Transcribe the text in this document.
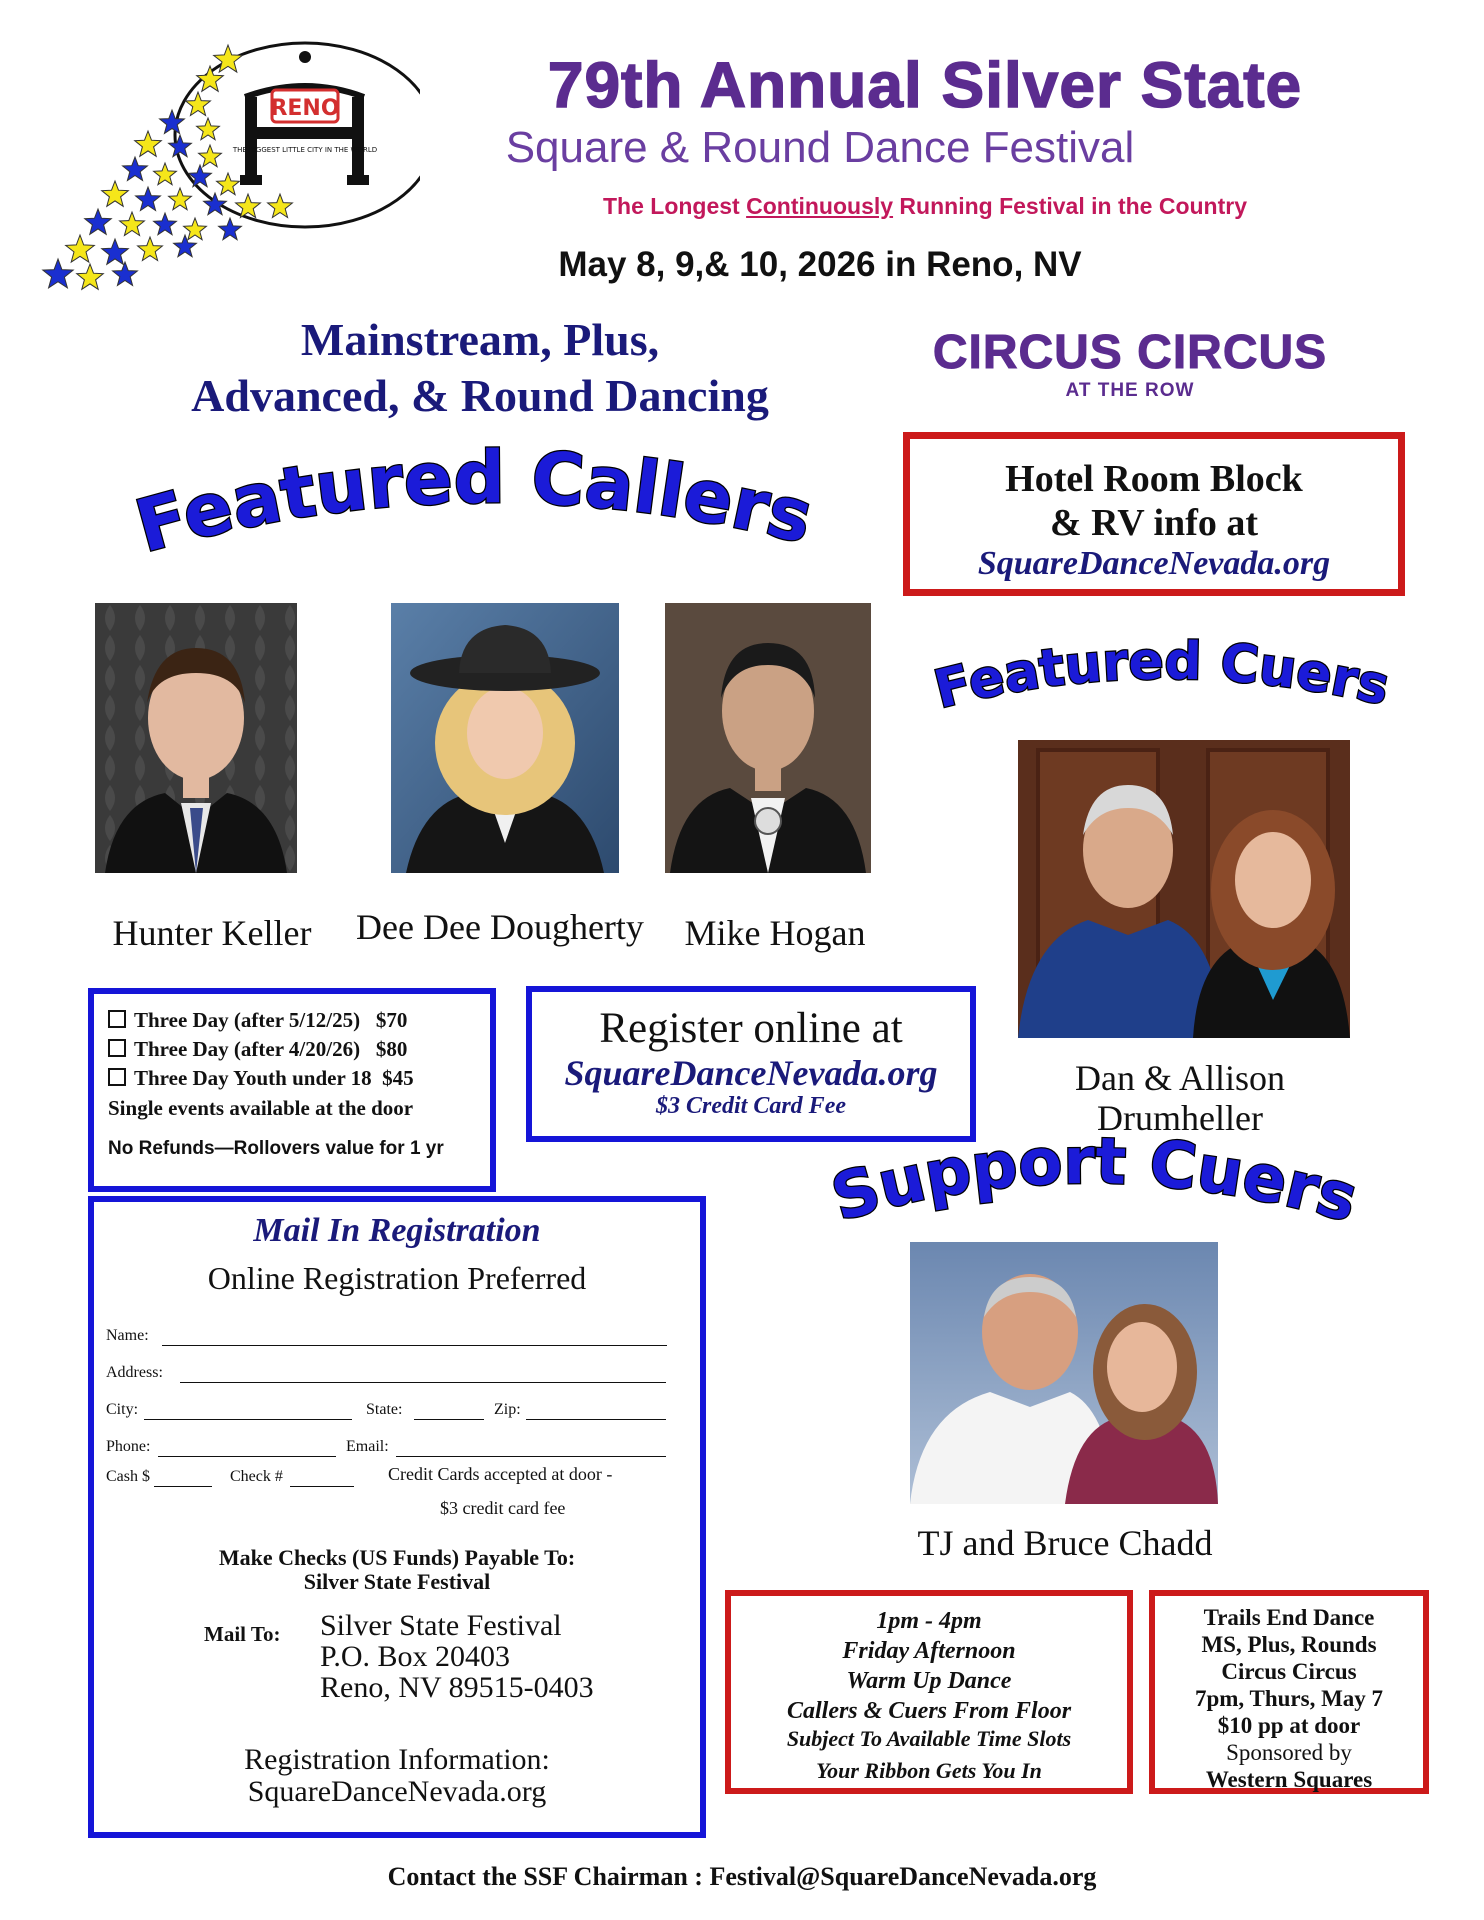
RENO
THE BIGGEST LITTLE CITY IN THE WORLD
79th Annual Silver State
Square & Round Dance Festival
The Longest Continuously Running Festival in the Country
May 8, 9,& 10, 2026 in Reno, NV
Mainstream, Plus,
Advanced, & Round Dancing
CIRCUS CIRCUS
AT THE ROW
Hotel Room Block
& RV info at
SquareDanceNevada.org
Featured Callers
Featured Cuers
Support Cuers
Hunter Keller	Dee Dee Dougherty	Mike Hogan
Dan & Allison
Drumheller
TJ and Bruce Chadd
Three Day (after 5/12/25) $70
Three Day (after 4/20/26) $80
Three Day Youth under 18 $45
Single events available at the door
No Refunds—Rollovers value for 1 yr
Register online at
SquareDanceNevada.org
$3 Credit Card Fee
Mail In Registration
Online Registration Preferred
Name:
Address:
City:	State:	Zip:
Phone:	Email:
Cash $	Check #	Credit Cards accepted at door -
$3 credit card fee
Make Checks (US Funds) Payable To:
Silver State Festival
Mail To: Silver State Festival
P.O. Box 20403
Reno, NV 89515-0403
Registration Information:
SquareDanceNevada.org
1pm - 4pm
Friday Afternoon
Warm Up Dance
Callers & Cuers From Floor
Subject To Available Time Slots
Your Ribbon Gets You In
Trails End Dance
MS, Plus, Rounds
Circus Circus
7pm, Thurs, May 7
$10 pp at door
Sponsored by
Western Squares
Contact the SSF Chairman : Festival@SquareDanceNevada.org
